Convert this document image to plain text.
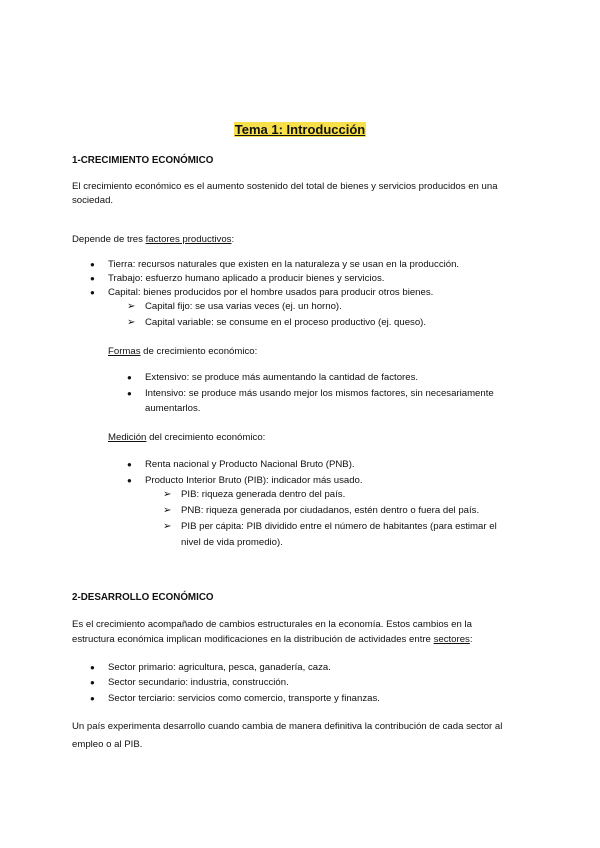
Tema 1: Introducción
1-CRECIMIENTO ECONÓMICO
El crecimiento económico es el aumento sostenido del total de bienes y servicios producidos en una
sociedad.
Depende de tres factores productivos:
● Tierra: recursos naturales que existen en la naturaleza y se usan en la producción.
● Trabajo: esfuerzo humano aplicado a producir bienes y servicios.
● Capital: bienes producidos por el hombre usados para producir otros bienes.
➢ Capital fijo: se usa varias veces (ej. un horno).
➢ Capital variable: se consume en el proceso productivo (ej. queso).
Formas de crecimiento económico:
● Extensivo: se produce más aumentando la cantidad de factores.
● Intensivo: se produce más usando mejor los mismos factores, sin necesariamente
aumentarlos.
Medición del crecimiento económico:
● Renta nacional y Producto Nacional Bruto (PNB).
● Producto Interior Bruto (PIB): indicador más usado.
➢ PIB: riqueza generada dentro del país.
➢ PNB: riqueza generada por ciudadanos, estén dentro o fuera del país.
➢ PIB per cápita: PIB dividido entre el número de habitantes (para estimar el
nivel de vida promedio).
2-DESARROLLO ECONÓMICO
Es el crecimiento acompañado de cambios estructurales en la economía. Estos cambios en la
estructura económica implican modificaciones en la distribución de actividades entre sectores:
● Sector primario: agricultura, pesca, ganadería, caza.
● Sector secundario: industria, construcción.
● Sector terciario: servicios como comercio, transporte y finanzas.
Un país experimenta desarrollo cuando cambia de manera definitiva la contribución de cada sector al
empleo o al PIB.
